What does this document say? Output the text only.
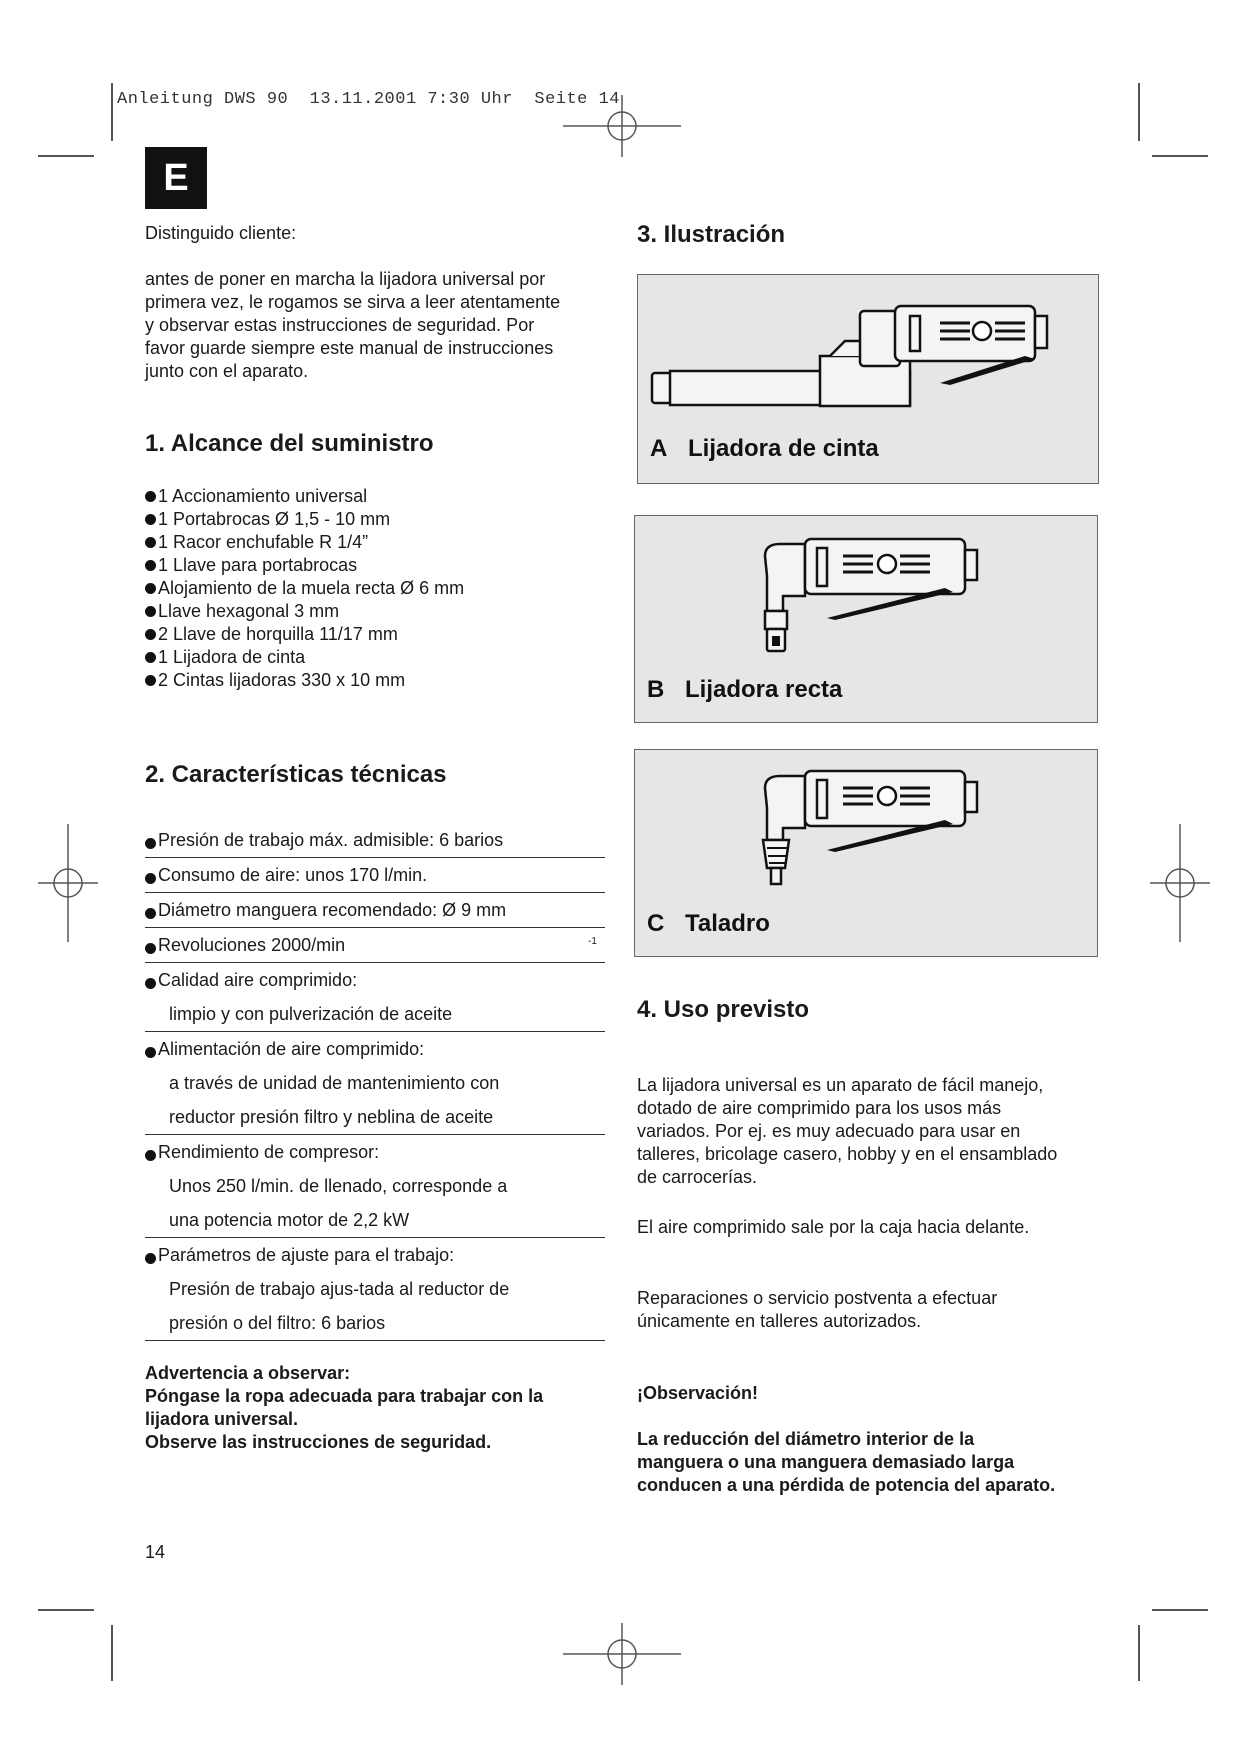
Anleitung DWS 90  13.11.2001 7:30 Uhr  Seite 14
E
Distinguido cliente:
antes de poner en marcha la lijadora universal por
primera vez, le rogamos se sirva a leer atentamente
y observar estas instrucciones de seguridad. Por
favor guarde siempre este manual de instrucciones
junto con el aparato.
1. Alcance del suministro
1 Accionamiento universal
1 Portabrocas Ø 1,5 - 10 mm
1 Racor enchufable R 1/4”
1 Llave para portabrocas
Alojamiento de la muela recta Ø 6 mm
Llave hexagonal 3 mm
2 Llave de horquilla 11/17 mm
1 Lijadora de cinta
2 Cintas lijadoras 330 x 10 mm
2. Características técnicas
Presión de trabajo máx. admisible: 6 barios
Consumo de aire: unos 170 l/min.
Diámetro manguera recomendado: Ø 9 mm
Revoluciones 2000/min	-1
Calidad aire comprimido:
limpio y con pulverización de aceite
Alimentación de aire comprimido:
a través de unidad de mantenimiento con
reductor presión filtro y neblina de aceite
Rendimiento de compresor:
Unos 250 l/min. de llenado, corresponde a
una potencia motor de 2,2 kW
Parámetros de ajuste para el trabajo:
Presión de trabajo ajus-tada al reductor de
presión o del filtro: 6 barios
Advertencia a observar:
Póngase la ropa adecuada para trabajar con la
lijadora universal.
Observe las instrucciones de seguridad.
14
3. Ilustración
A Lijadora de cinta
B Lijadora recta
C Taladro
4. Uso previsto
La lijadora universal es un aparato de fácil manejo,
dotado de aire comprimido para los usos más
variados. Por ej. es muy adecuado para usar en
talleres, bricolage casero, hobby y en el ensamblado
de carrocerías.
El aire comprimido sale por la caja hacia delante.
Reparaciones o servicio postventa a efectuar
únicamente en talleres autorizados.
¡Observación!
La reducción del diámetro interior de la
manguera o una manguera demasiado larga
conducen a una pérdida de potencia del aparato.
